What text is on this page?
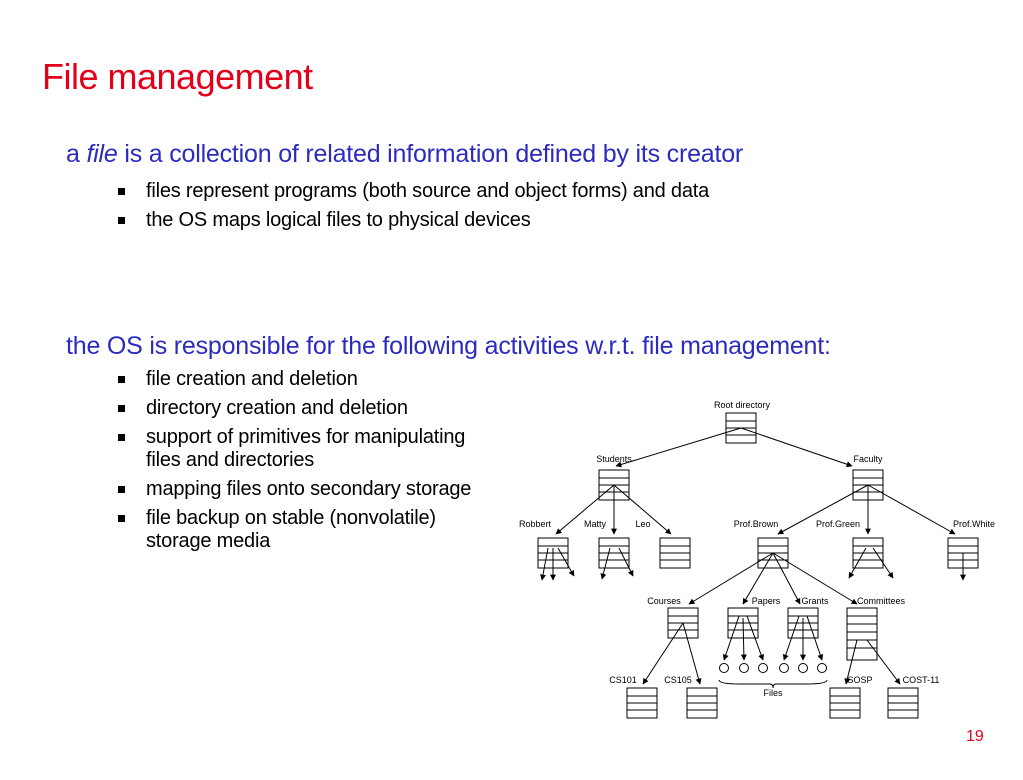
File management
a file is a collection of related information defined by its creator
files represent programs (both source and object forms) and data
the OS maps logical files to physical devices
the OS is responsible for the following activities w.r.t. file management:
file creation and deletion
directory creation and deletion
support of primitives for manipulating
files and directories
mapping files onto secondary storage
file backup on stable (nonvolatile)
storage media
Root directory
Students	Faculty
Robbert	Matty	Leo	Prof.Brown	Prof.Green	Prof.White
Courses	Papers Grants	Committees
CS101	CS105	SOSP	COST-11
Files
19
